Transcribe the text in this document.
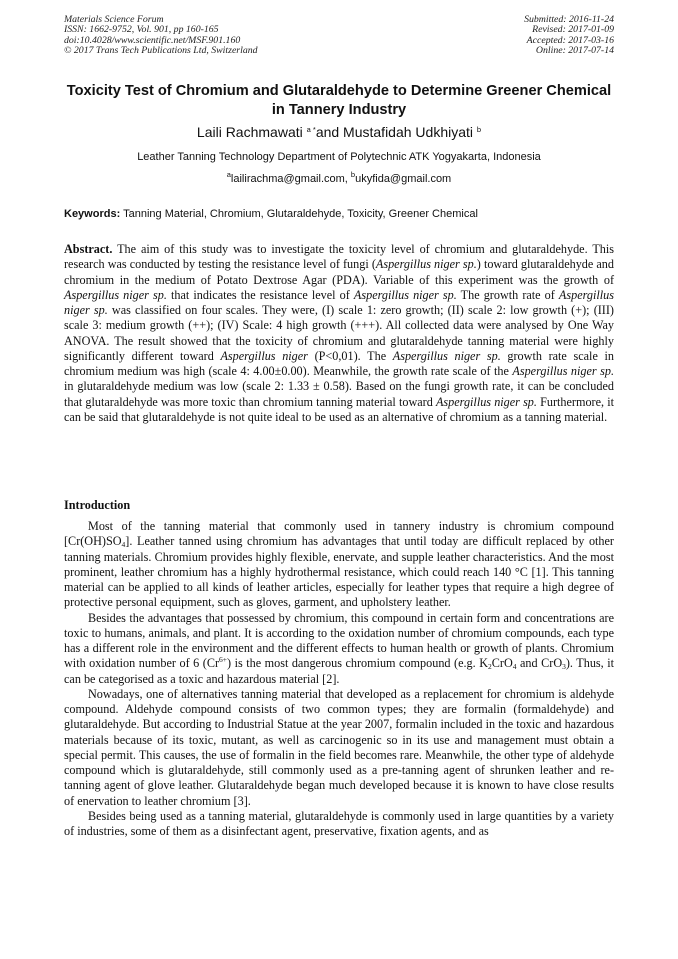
Materials Science Forum
ISSN: 1662-9752, Vol. 901, pp 160-165
doi:10.4028/www.scientific.net/MSF.901.160
© 2017 Trans Tech Publications Ltd, Switzerland
Submitted: 2016-11-24
Revised: 2017-01-09
Accepted: 2017-03-16
Online: 2017-07-14
Toxicity Test of Chromium and Glutaraldehyde to Determine Greener Chemical in Tannery Industry
Laili Rachmawati $^{a *}$and Mustafidah Udkhiyati $^b$
Leather Tanning Technology Department of Polytechnic ATK Yogyakarta, Indonesia
$^a$lailirachma@gmail.com, $^b$ukyfida@gmail.com
Keywords: Tanning Material, Chromium, Glutaraldehyde, Toxicity, Greener Chemical

Abstract. The aim of this study was to investigate the toxicity level of chromium and glutaraldehyde. This research was conducted by testing the resistance level of fungi (Aspergillus niger sp.) toward glutaraldehyde and chromium in the medium of Potato Dextrose Agar (PDA). Variable of this experiment was the growth of Aspergillus niger sp. that indicates the resistance level of Aspergillus niger sp. The growth rate of Aspergillus niger sp. was classified on four scales. They were, (I) scale 1: zero growth; (II) scale 2: low growth (+); (III) scale 3: medium growth (++); (IV) Scale: 4 high growth (+++). All collected data were analysed by One Way ANOVA. The result showed that the toxicity of chromium and glutaraldehyde tanning material were highly significantly different toward Aspergillus niger (P<0,01). The Aspergillus niger sp. growth rate scale in chromium medium was high (scale 4: 4.00±0.00). Meanwhile, the growth rate scale of the Aspergillus niger sp. in glutaraldehyde medium was low (scale 2: 1.33 ± 0.58). Based on the fungi growth rate, it can be concluded that glutaraldehyde was more toxic than chromium tanning material toward Aspergillus niger sp. Furthermore, it can be said that glutaraldehyde is not quite ideal to be used as an alternative of chromium as a tanning material.

Introduction

Most of the tanning material that commonly used in tannery industry is chromium compound $[Cr(OH)SO_4]$. Leather tanned using chromium has advantages that until today are difficult replaced by other tanning materials. Chromium provides highly flexible, enervate, and supple leather characteristics. And the most prominent, leather chromium has a highly hydrothermal resistance, which could reach 140 °C [1]. This tanning material can be applied to all kinds of leather articles, especially for leather types that require a high degree of protective personal equipment, such as gloves, garment, and upholstery leather.

Besides the advantages that possessed by chromium, this compound in certain form and concentrations are toxic to humans, animals, and plant. It is according to the oxidation number of chromium compounds, each type has a different role in the environment and the different effects to human health or growth of plants. Chromium with oxidation number of 6 $(Cr^{6+})$ is the most dangerous chromium compound (e.g. $K_2CrO_4$ and CrO$_3$). Thus, it can be categorised as a toxic and hazardous material [2].

Nowadays, one of alternatives tanning material that developed as a replacement for chromium is aldehyde compound. Aldehyde compound consists of two common types; they are formalin (formaldehyde) and glutaraldehyde. But according to Industrial Statue at the year 2007, formalin included in the toxic and hazardous materials because of its toxic, mutant, as well as carcinogenic so in its use and management must obtain a special permit. This causes, the use of formalin in the field becomes rare. Meanwhile, the other type of aldehyde compound which is glutaraldehyde, still commonly used as a pre-tanning agent of shrunken leather and re-tanning agent of glove leather. Glutaraldehyde began much developed because it is known to have close results of enervation to leather chromium [3].

Besides being used as a tanning material, glutaraldehyde is commonly used in large quantities by a variety of industries, some of them as a disinfectant agent, preservative, fixation agents, and as
